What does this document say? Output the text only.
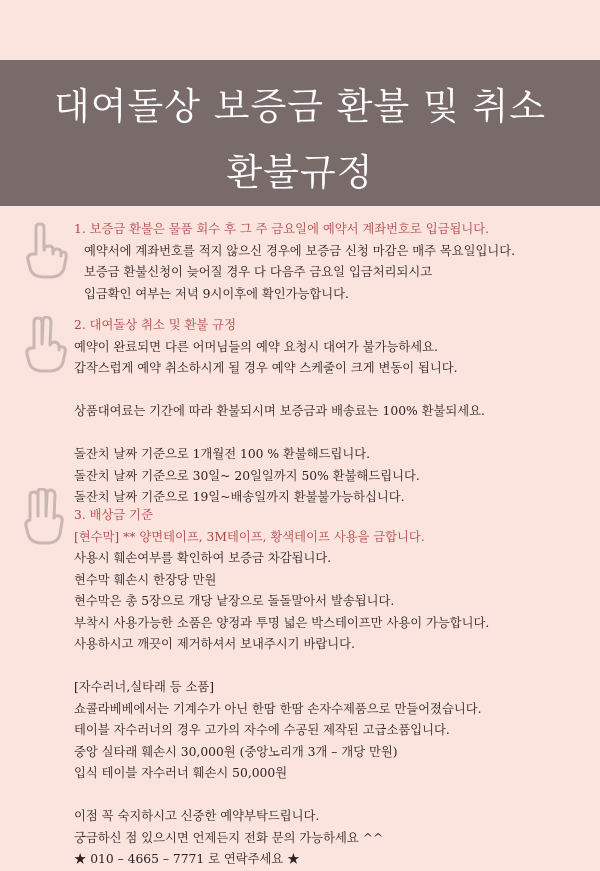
대여돌상 보증금 환불 및 취소
환불규정
1. 보증금 환불은 물품 회수 후 그 주 금요일에 예약서 계좌번호로 입금됩니다.
예약서에 계좌번호를 적지 않으신 경우에 보증금 신청 마감은 매주 목요일입니다.
보증금 환불신청이 늦어질 경우 다 다음주 금요일 입금처리되시고
입금확인 여부는 저녁 9시이후에 확인가능합니다.
2. 대여돌상 취소 및 환불 규정
예약이 완료되면 다른 어머님들의 예약 요청시 대여가 불가능하세요.
갑작스럽게 예약 취소하시게 될 경우 예약 스케줄이 크게 변동이 됩니다.
상품대여료는 기간에 따라 환불되시며 보증금과 배송료는 100% 환불되세요.
돌잔치 날짜 기준으로 1개월전 100 % 환불해드립니다.
돌잔치 날짜 기준으로 30일~ 20일일까지 50% 환불해드립니다.
돌잔치 날짜 기준으로 19일~배송일까지 환불불가능하십니다.
3. 배상금 기준
[현수막] ** 양면테이프, 3M테이프, 황색테이프 사용을 금합니다.
사용시 훼손여부를 확인하여 보증금 차감됩니다.
현수막 훼손시 한장당 만원
현수막은 총 5장으로 개당 낱장으로 돌돌말아서 발송됩니다.
부착시 사용가능한 소품은 양정과 투명 넓은 박스테이프만 사용이 가능합니다.
사용하시고 깨끗이 제거하셔서 보내주시기 바랍니다.
[자수러너,실타래 등 소품]
쇼콜라베베에서는 기계수가 아닌 한땀 한땀 손자수제품으로 만들어졌습니다.
테이블 자수러너의 경우 고가의 자수에 수공된 제작된 고급소품입니다.
중앙 실타래 훼손시 30,000원 (중앙노리개 3개 – 개당 만원)
입식 테이블 자수러너 훼손시 50,000원
이점 꼭 숙지하시고 신중한 예약부탁드립니다.
궁금하신 점 있으시면 언제든지 전화 문의 가능하세요 ^^
★ 010 – 4665 – 7771 로 연락주세요 ★
